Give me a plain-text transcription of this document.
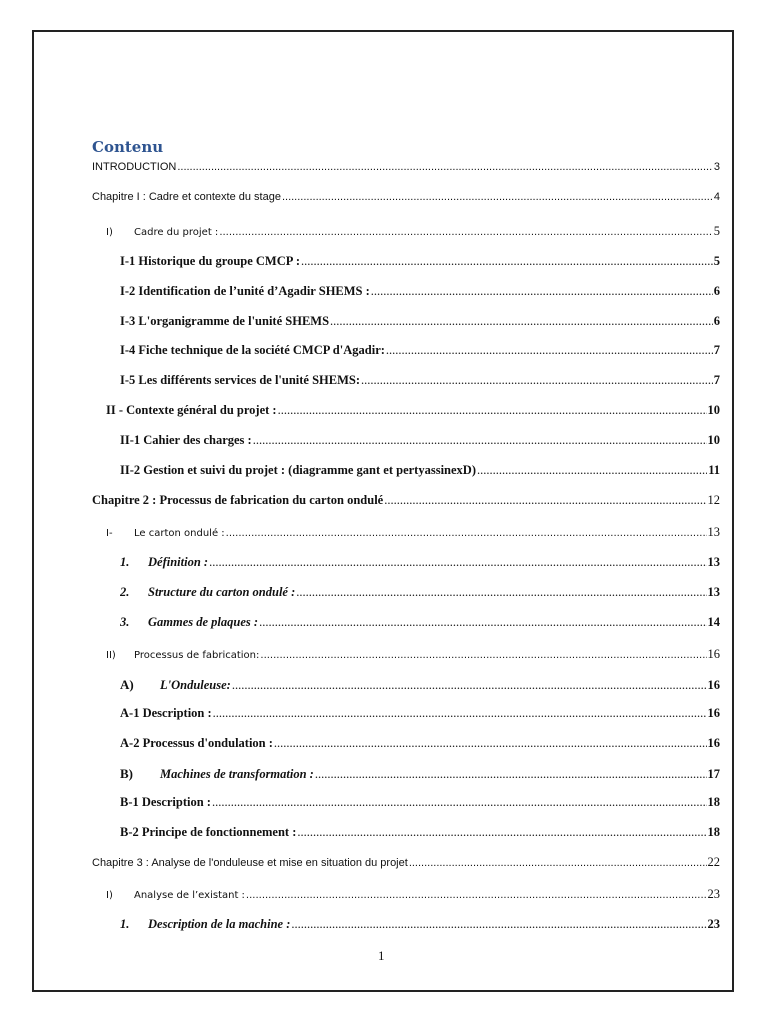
Contenu
INTRODUCTION .....	3
Chapitre I : Cadre et contexte du stage .....	4
I)	Cadre du projet : .....	5
I-1 Historique du groupe CMCP : .....	5
I-2 Identification de l’unité d’Agadir SHEMS : .....	6
I-3 L'organigramme de l'unité SHEMS .....	6
I-4 Fiche technique de la société CMCP d'Agadir: .....	7
I-5 Les différents services de l'unité SHEMS: .....	7
II - Contexte général du projet : .....	10
II-1 Cahier des charges : .....	10
II-2 Gestion et suivi du projet : (diagramme gant et pertyassinexD) .....	11
Chapitre 2 : Processus de fabrication du carton ondulé .....	12
I-	Le carton ondulé : .....	13
1.	Définition : .....	13
2.	Structure du carton ondulé : .....	13
3.	Gammes de plaques : .....	14
II)	Processus de fabrication: .....	16
A)	L'Onduleuse: .....	16
A-1 Description : .....	16
A-2 Processus d'ondulation : .....	16
B)	Machines de transformation : .....	17
B-1 Description : .....	18
B-2 Principe de fonctionnement : .....	18
Chapitre 3 : Analyse de l'onduleuse et mise en situation du projet .....	22
I)	Analyse de l’existant : .....	23
1.	Description de la machine : .....	23
1
